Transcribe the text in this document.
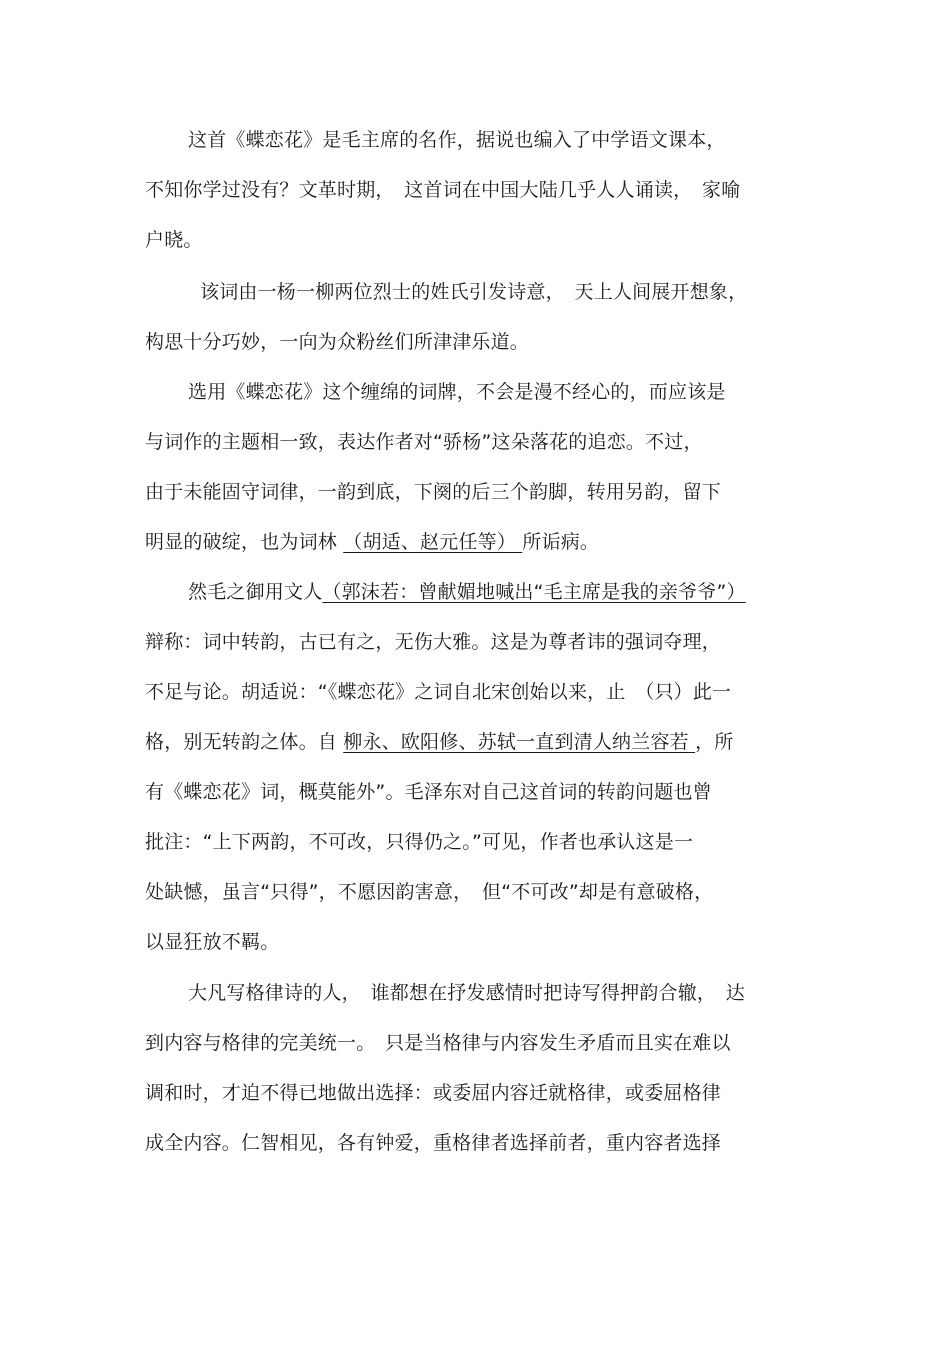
这首《蝶恋花》是毛主席的名作，据说也编入了中学语文课本，
不知你学过没有？文革时期，　这首词在中国大陆几乎人人诵读，　家喻
户晓。
该词由一杨一柳两位烈士的姓氏引发诗意，　天上人间展开想象，
构思十分巧妙，一向为众粉丝们所津津乐道。
选用《蝶恋花》这个缠绵的词牌，不会是漫不经心的，而应该是
与词作的主题相一致，表达作者对“骄杨”这朵落花的追恋。不过，
由于未能固守词律，一韵到底，下阕的后三个韵脚，转用另韵，留下
明显的破绽，也为词林 （胡适、赵元任等） 所诟病。
然毛之御用文人（郭沫若：曾献媚地喊出“毛主席是我的亲爷爷”）
辩称：词中转韵，古已有之，无伤大雅。这是为尊者讳的强词夺理，
不足与论。胡适说：“《蝶恋花》之词自北宋创始以来，止　（只）此一
格，别无转韵之体。自 柳永、欧阳修、苏轼一直到清人纳兰容若 ，所
有《蝶恋花》词，概莫能外”。毛泽东对自己这首词的转韵问题也曾
批注：“上下两韵，不可改，只得仍之。”可见，作者也承认这是一
处缺憾，虽言“只得”，不愿因韵害意，　但“不可改”却是有意破格，
以显狂放不羁。
大凡写格律诗的人，　谁都想在抒发感情时把诗写得押韵合辙，　达
到内容与格律的完美统一。　只是当格律与内容发生矛盾而且实在难以
调和时，才迫不得已地做出选择：或委屈内容迁就格律，或委屈格律
成全内容。仁智相见，各有钟爱，重格律者选择前者，重内容者选择
